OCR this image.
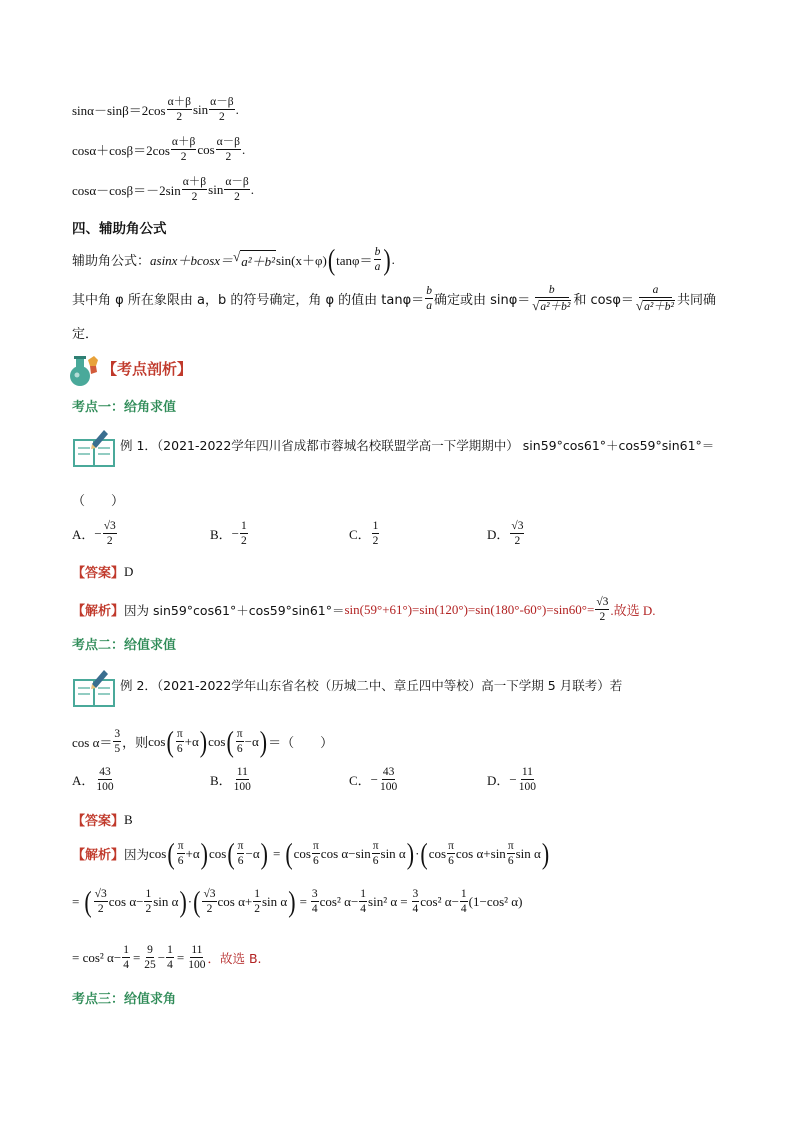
$\sin\alpha-\sin\beta=2\cos \frac{\alpha+\beta}{2}$ $\sin \frac{\alpha-\beta}{2}$ .
$\cos\alpha+\cos\beta=2\cos \frac{\alpha+\beta}{2}$ $\cos \frac{\alpha-\beta}{2}$ .
$\cos\alpha-\cos\beta=-2\sin \frac{\alpha+\beta}{2}$ $\sin \frac{\alpha-\beta}{2}$ .
四、辅助角公式
辅助角公式： asinx＋bcosx＝ √ a²＋b² sin(x＋φ) ( $\tan\varphi= \frac{b}{a}$ ) .
其中角 φ 所在象限由 a，b 的符号确定，角 φ 的值由 $\tan\varphi= \frac{b}{a}$ 确定或由 $\sin\varphi= \frac{b}{\text{√ a²＋b²}}$ 和 $\cos\varphi= \frac{a}{\text{√ a²＋b²}}$ 共同确
定．
【考点剖析】
考点一：给角求值
例 1．（2021-2022学年四川省成都市蓉城名校联盟学高一下学期期中） sin59°cos61°＋cos59°sin61°＝
（　　）
A． − $\frac{√3}{2}$	B． − $\frac{1}{2}$	C． $\frac{1}{2}$	D． $\frac{√3}{2}$
【答案】 D
【解析】 因为 $\sin 59^\circ\cos 61^\circ+\cos 59^\circ\sin 61^\circ= \sin(59^\circ+61^\circ)=\sin(120^\circ)=\sin(180^\circ-60^\circ)=\sin 60^\circ= \frac{√3}{2}$ .故选 D.
考点二：给值求值
例 2．（2021-2022学年山东省名校（历城二中、章丘四中等校）高一下学期 5 月联考）若
$\cos \alpha= \frac{3}{5}$ ，则 cos ( $\frac{\pi}{6} +\alpha$ ) cos ( $\frac{\pi}{6} -\alpha$ ) ＝（　　）
A． $\frac{43}{100}$	B． $\frac{11}{100}$	C． − $\frac{43}{100}$	D． − $\frac{11}{100}$
【答案】 B
【解析】 因为 cos ( $\frac{\pi}{6} +\alpha$ ) cos ( $\frac{\pi}{6} -\alpha$ ) = ( $\cos \frac{\pi}{6}$ $\cos \alpha - \sin \frac{\pi}{6}$ sin α ) · ( $\cos \frac{\pi}{6}$ $\cos \alpha + \sin \frac{\pi}{6}$ sin α )
= ( $\frac{√3}{2}$ $\cos \alpha - \frac{1}{2}$ sin α ) · ( $\frac{√3}{2}$ $\cos \alpha + \frac{1}{2}$ sin α ) = $\frac{3}{4} \cos^2$ $\alpha - \frac{1}{4} \sin^2$ $\alpha = \frac{3}{4} \cos^2$ $\alpha - \frac{1}{4} (1-\cos^2$ α)
= cos² $\alpha- \frac{1}{4} = \frac{9}{25} - \frac{1}{4} = \frac{11}{100}$ ．故选 B.
考点三：给值求角
